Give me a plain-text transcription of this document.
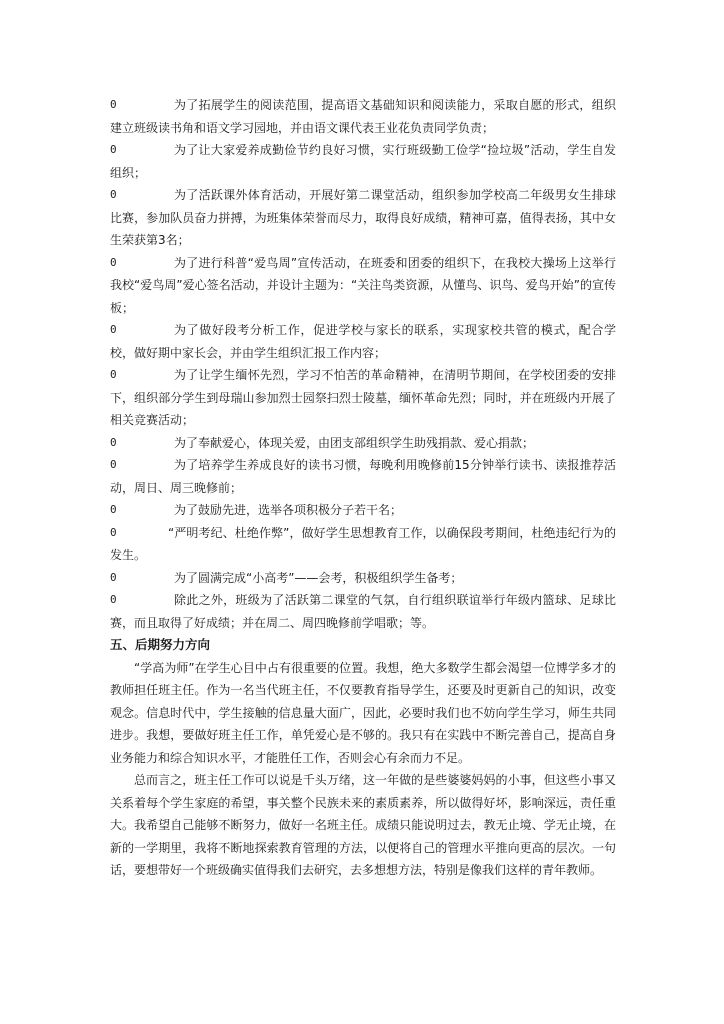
0	为了拓展学生的阅读范围，提高语文基础知识和阅读能力，采取自愿的形式，组织建立班级读书角和语文学习园地，并由语文课代表王业花负责同学负责；
0	为了让大家爱养成勤俭节约良好习惯，实行班级勤工俭学“捡垃圾”活动，学生自发组织；
0	为了活跃课外体育活动，开展好第二课堂活动，组织参加学校高二年级男女生排球比赛，参加队员奋力拼搏，为班集体荣誉而尽力，取得良好成绩，精神可嘉，值得表扬，其中女生荣获第3名；
0	为了进行科普“爱鸟周”宣传活动，在班委和团委的组织下，在我校大操场上这举行我校“爱鸟周”爱心签名活动，并设计主题为：“关注鸟类资源，从懂鸟、识鸟、爱鸟开始”的宣传板；
0	为了做好段考分析工作，促进学校与家长的联系，实现家校共管的模式，配合学校，做好期中家长会，并由学生组织汇报工作内容；
0	为了让学生缅怀先烈，学习不怕苦的革命精神，在清明节期间，在学校团委的安排下，组织部分学生到母瑞山参加烈士园祭扫烈士陵墓，缅怀革命先烈；同时，并在班级内开展了相关竞赛活动；
0	为了奉献爱心，体现关爱，由团支部组织学生助残捐款、爱心捐款；
0	为了培养学生养成良好的读书习惯，每晚利用晚修前15分钟举行读书、读报推荐活动，周日、周三晚修前；
0	为了鼓励先进，选举各项积极分子若干名；
0	“严明考纪、杜绝作弊”，做好学生思想教育工作，以确保段考期间，杜绝违纪行为的发生。
0	为了圆满完成“小高考”——会考，积极组织学生备考；
0	除此之外，班级为了活跃第二课堂的气氛，自行组织联谊举行年级内篮球、足球比赛，而且取得了好成绩；并在周二、周四晚修前学唱歌；等。
五、后期努力方向

“学高为师”在学生心目中占有很重要的位置。我想，绝大多数学生都会渴望一位博学多才的教师担任班主任。作为一名当代班主任，不仅要教育指导学生，还要及时更新自己的知识，改变观念。信息时代中，学生接触的信息量大面广，因此，必要时我们也不妨向学生学习，师生共同进步。我想，要做好班主任工作，单凭爱心是不够的。我只有在实践中不断完善自己，提高自身业务能力和综合知识水平，才能胜任工作，否则会心有余而力不足。

总而言之，班主任工作可以说是千头万绪，这一年做的是些婆婆妈妈的小事，但这些小事又关系着每个学生家庭的希望，事关整个民族未来的素质素养，所以做得好坏，影响深远，责任重大。我希望自己能够不断努力，做好一名班主任。成绩只能说明过去，教无止境、学无止境，在新的一学期里，我将不断地探索教育管理的方法，以便将自己的管理水平推向更高的层次。一句话，要想带好一个班级确实值得我们去研究，去多想想方法，特别是像我们这样的青年教师。
